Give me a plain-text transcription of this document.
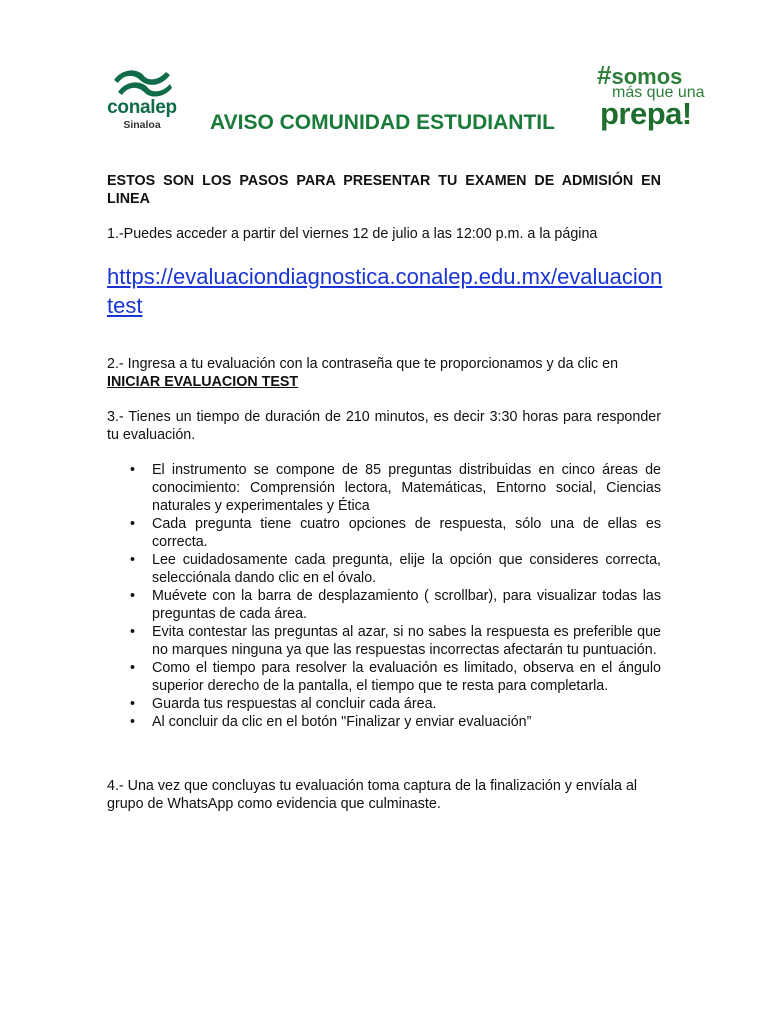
conalep
Sinaloa	AVISO COMUNIDAD ESTUDIANTIL
#somos
más que una
prepa!
ESTOS SON LOS PASOS PARA PRESENTAR TU EXAMEN DE ADMISIÓN EN LINEA
1.-Puedes acceder a partir del viernes 12 de julio a las 12:00 p.m. a la página
https://evaluaciondiagnostica.conalep.edu.mx/evaluacion
test
2.- Ingresa a tu evaluación con la contraseña que te proporcionamos y da clic en
INICIAR EVALUACION TEST
3.- Tienes un tiempo de duración de 210 minutos, es decir 3:30 horas para responder tu evaluación.
• El instrumento se compone de 85 preguntas distribuidas en cinco áreas de conocimiento: Comprensión lectora, Matemáticas, Entorno social, Ciencias naturales y experimentales y Ética
• Cada pregunta tiene cuatro opciones de respuesta, sólo una de ellas es correcta.
• Lee cuidadosamente cada pregunta, elije la opción que consideres correcta, selecciónala dando clic en el óvalo.
• Muévete con la barra de desplazamiento ( scrollbar), para visualizar todas las preguntas de cada área.
• Evita contestar las preguntas al azar, si no sabes la respuesta es preferible que no marques ninguna ya que las respuestas incorrectas afectarán tu puntuación.
• Como el tiempo para resolver la evaluación es limitado, observa en el ángulo superior derecho de la pantalla, el tiempo que te resta para completarla.
• Guarda tus respuestas al concluir cada área.
• Al concluir da clic en el botón "Finalizar y enviar evaluación”
4.- Una vez que concluyas tu evaluación toma captura de la finalización y envíala al grupo de WhatsApp como evidencia que culminaste.
